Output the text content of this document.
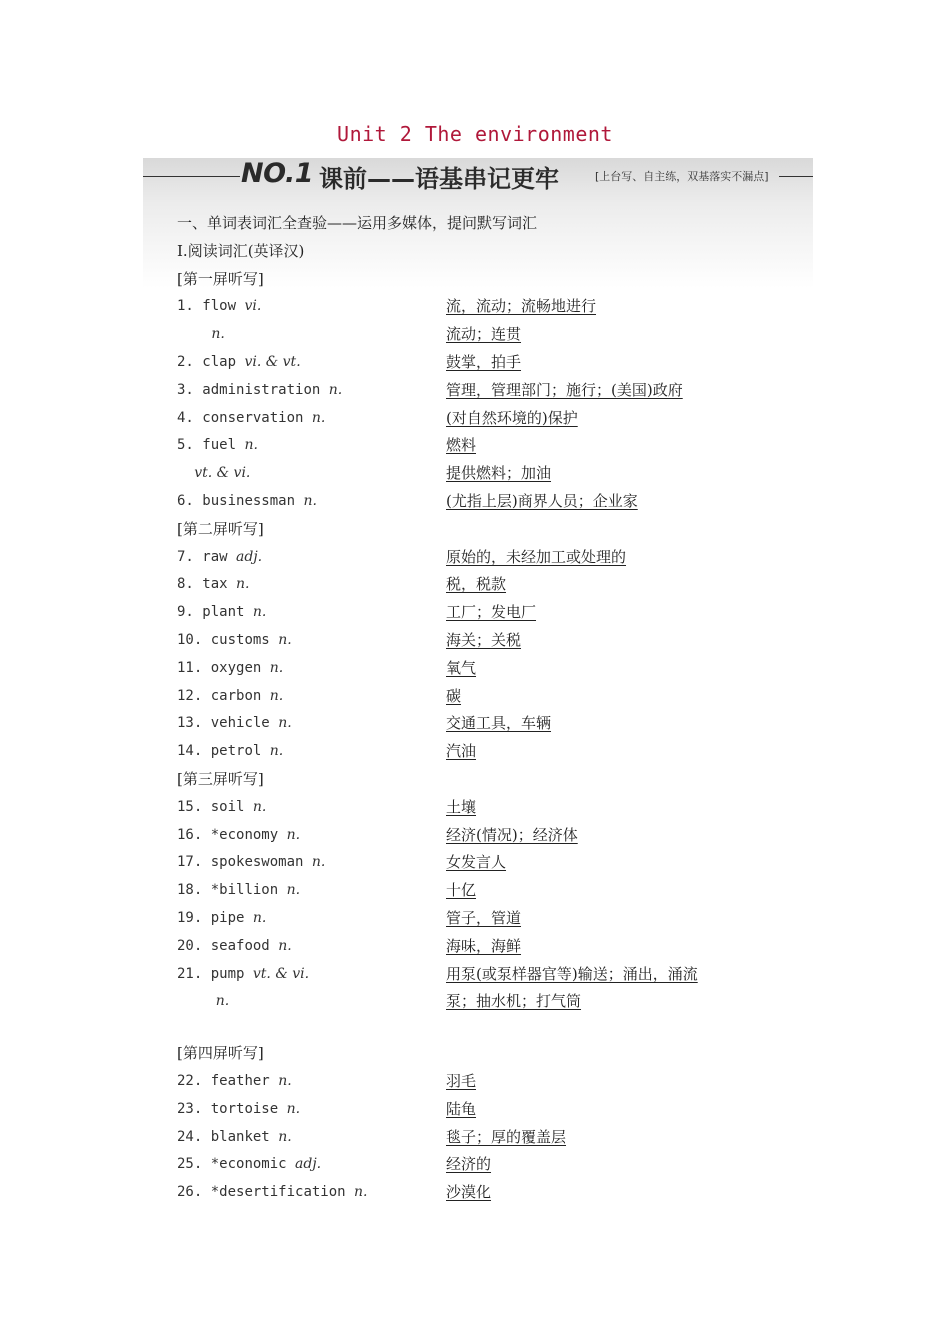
Unit 2 The environment
NO.1 课前——语基串记更牢	[上台写、自主练，双基落实不漏点]
一、单词表词汇全查验——运用多媒体，提问默写词汇
Ⅰ.阅读词汇(英译汉)
[第一屏听写]
1. flow vi.	流，流动；流畅地进行
n.	流动；连贯
2. clap vi. & vt.	鼓掌，拍手
3. administration n.	管理，管理部门；施行；(美国)政府
4. conservation n.	(对自然环境的)保护
5. fuel n.	燃料
vt. & vi.	提供燃料；加油
6. businessman n.	(尤指上层)商界人员；企业家
[第二屏听写]
7. raw adj.	原始的，未经加工或处理的
8. tax n.	税，税款
9. plant n.	工厂；发电厂
10. customs n.	海关；关税
11. oxygen n.	氧气
12. carbon n.	碳
13. vehicle n.	交通工具，车辆
14. petrol n.	汽油
[第三屏听写]
15. soil n.	土壤
16. *economy n.	经济(情况)；经济体
17. spokeswoman n.	女发言人
18. *billion n.	十亿
19. pipe n.	管子，管道
20. seafood n.	海味，海鲜
21. pump vt. & vi.	用泵(或泵样器官等)输送；涌出，涌流
n.	泵；抽水机；打气筒
[第四屏听写]
22. feather n.	羽毛
23. tortoise n.	陆龟
24. blanket n.	毯子；厚的覆盖层
25. *economic adj.	经济的
26. *desertification n.	沙漠化
